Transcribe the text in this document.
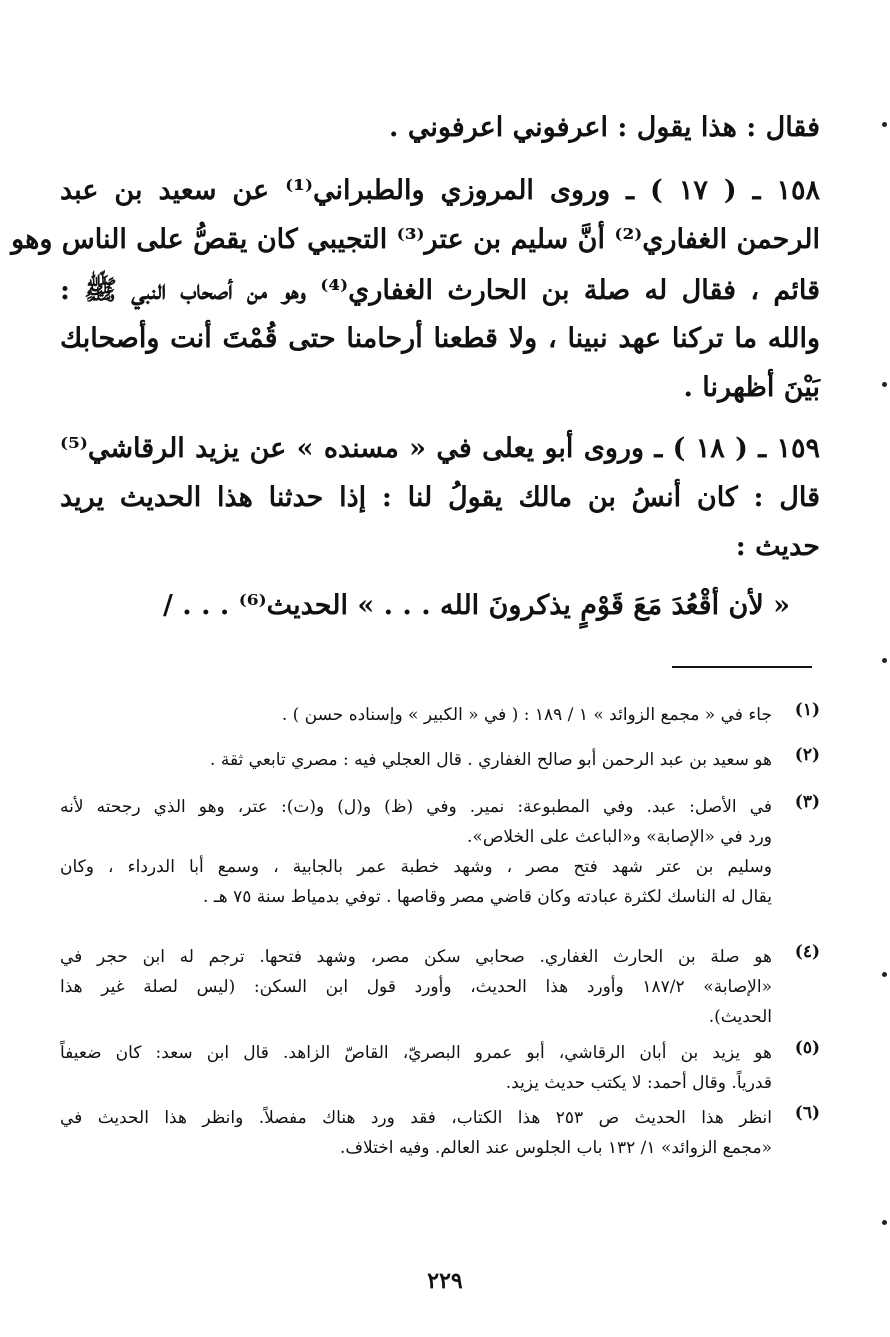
فقال : هذا يقول : اعرفوني اعرفوني .
١٥٨ ـ ( ١٧ ) ـ وروى المروزي والطبراني⁽¹⁾ عن سعيد بن عبد
الرحمن الغفاري⁽²⁾ أنَّ سليم بن عتر⁽³⁾ التجيبي كان يقصُّ على الناس وهو
قائم ، فقال له صلة بن الحارث الغفاري⁽⁴⁾ وهو من أصحاب النبي ﷺ :
والله ما تركنا عهد نبينا ، ولا قطعنا أرحامنا حتى قُمْتَ أنت وأصحابك
بَيْنَ أظهرنا .
١٥٩ ـ ( ١٨ ) ـ وروى أبو يعلى في « مسنده » عن يزيد الرقاشي⁽⁵⁾
قال : كان أنسُ بن مالك يقولُ لنا : إذا حدثنا هذا الحديث يريد
حديث :
« لأن أقْعُدَ مَعَ قَوْمٍ يذكرونَ الله . . . » الحديث⁽⁶⁾ . . . /
(١)
جاء في « مجمع الزوائد » ١ / ١٨٩ : ( في « الكبير » وإسناده حسن ) .
(٢)
هو سعيد بن عبد الرحمن أبو صالح الغفاري . قال العجلي فيه : مصري تابعي ثقة .
(٣)
في الأصل: عبد. وفي المطبوعة: نمير. وفي (ظ) و(ل) و(ت): عتر، وهو الذي رجحته لأنه
ورد في «الإصابة» و«الباعث على الخلاص».
وسليم بن عتر شهد فتح مصر ، وشهد خطبة عمر بالجابية ، وسمع أبا الدرداء ، وكان
يقال له الناسك لكثرة عبادته وكان قاضي مصر وقاصها . توفي بدمياط سنة ٧٥ هـ .
(٤)
هو صلة بن الحارث الغفاري. صحابي سكن مصر، وشهد فتحها. ترجم له ابن حجر في
«الإصابة» ١٨٧/٢ وأورد هذا الحديث، وأورد قول ابن السكن: (ليس لصلة غير هذا
الحديث).
(٥)
هو يزيد بن أبان الرقاشي، أبو عمرو البصريّ، القاصّ الزاهد. قال ابن سعد: كان ضعيفاً
قدرياً. وقال أحمد: لا يكتب حديث يزيد.
(٦)
انظر هذا الحديث ص ٢٥٣ هذا الكتاب، فقد ورد هناك مفصلاً. وانظر هذا الحديث في
«مجمع الزوائد» ١/ ١٣٢ باب الجلوس عند العالم. وفيه اختلاف.
٢٢٩
